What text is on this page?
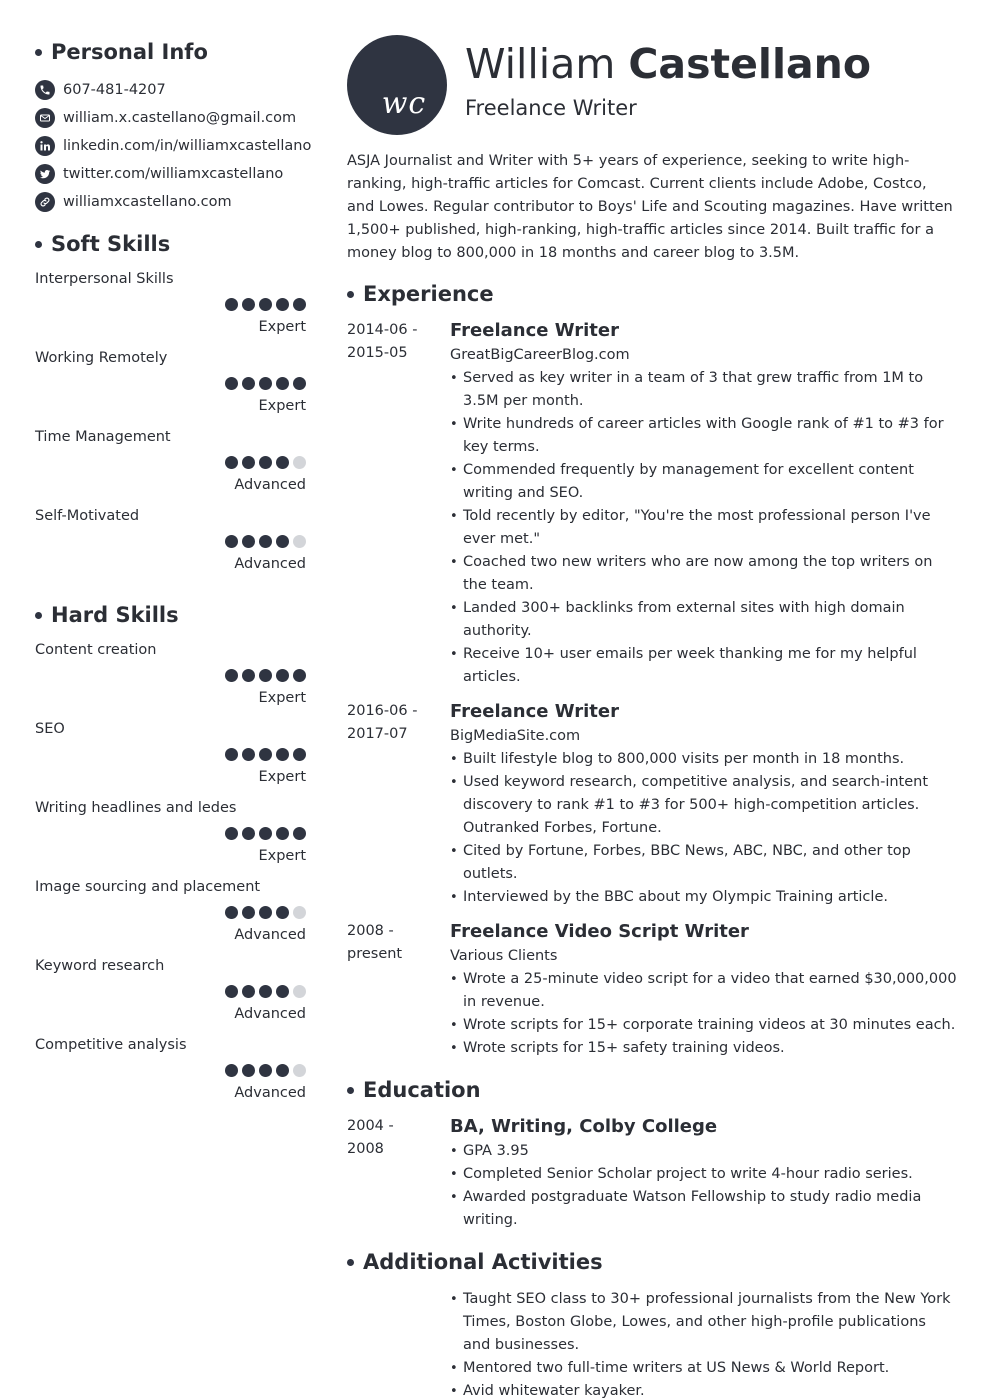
Personal Info
607-481-4207
william.x.castellano@gmail.com
linkedin.com/in/williamxcastellano
twitter.com/williamxcastellano
williamxcastellano.com
Soft Skills
Interpersonal Skills
Expert
Working Remotely
Expert
Time Management
Advanced
Self-Motivated
Advanced
Hard Skills
Content creation
Expert
SEO
Expert
Writing headlines and ledes
Expert
Image sourcing and placement
Advanced
Keyword research
Advanced
Competitive analysis
Advanced
wc
William Castellano
Freelance Writer

ASJA Journalist and Writer with 5+ years of experience, seeking to write high-ranking, high-traffic articles for Comcast. Current clients include Adobe, Costco, and Lowes. Regular contributor to Boys' Life and Scouting magazines. Have written 1,500+ published, high-ranking, high-traffic articles since 2014. Built traffic for a money blog to 800,000 in 18 months and career blog to 3.5M.

Experience
2014-06 -
2015-05
Freelance Writer
GreatBigCareerBlog.com
• Served as key writer in a team of 3 that grew traffic from 1M to 3.5M per month.
• Write hundreds of career articles with Google rank of #1 to #3 for key terms.
• Commended frequently by management for excellent content writing and SEO.
• Told recently by editor, "You're the most professional person I've ever met."
• Coached two new writers who are now among the top writers on the team.
• Landed 300+ backlinks from external sites with high domain authority.
• Receive 10+ user emails per week thanking me for my helpful articles.
2016-06 -
2017-07
Freelance Writer
BigMediaSite.com
• Built lifestyle blog to 800,000 visits per month in 18 months.
• Used keyword research, competitive analysis, and search-intent discovery to rank #1 to #3 for 500+ high-competition articles. Outranked Forbes, Fortune.
• Cited by Fortune, Forbes, BBC News, ABC, NBC, and other top outlets.
• Interviewed by the BBC about my Olympic Training article.
2008 -
present
Freelance Video Script Writer
Various Clients
• Wrote a 25-minute video script for a video that earned $30,000,000 in revenue.
• Wrote scripts for 15+ corporate training videos at 30 minutes each.
• Wrote scripts for 15+ safety training videos.
Education
2004 -
2008
BA, Writing, Colby College
• GPA 3.95
• Completed Senior Scholar project to write 4-hour radio series.
• Awarded postgraduate Watson Fellowship to study radio media writing.
Additional Activities
• Taught SEO class to 30+ professional journalists from the New York Times, Boston Globe, Lowes, and other high-profile publications and businesses.
• Mentored two full-time writers at US News & World Report.
• Avid whitewater kayaker.
